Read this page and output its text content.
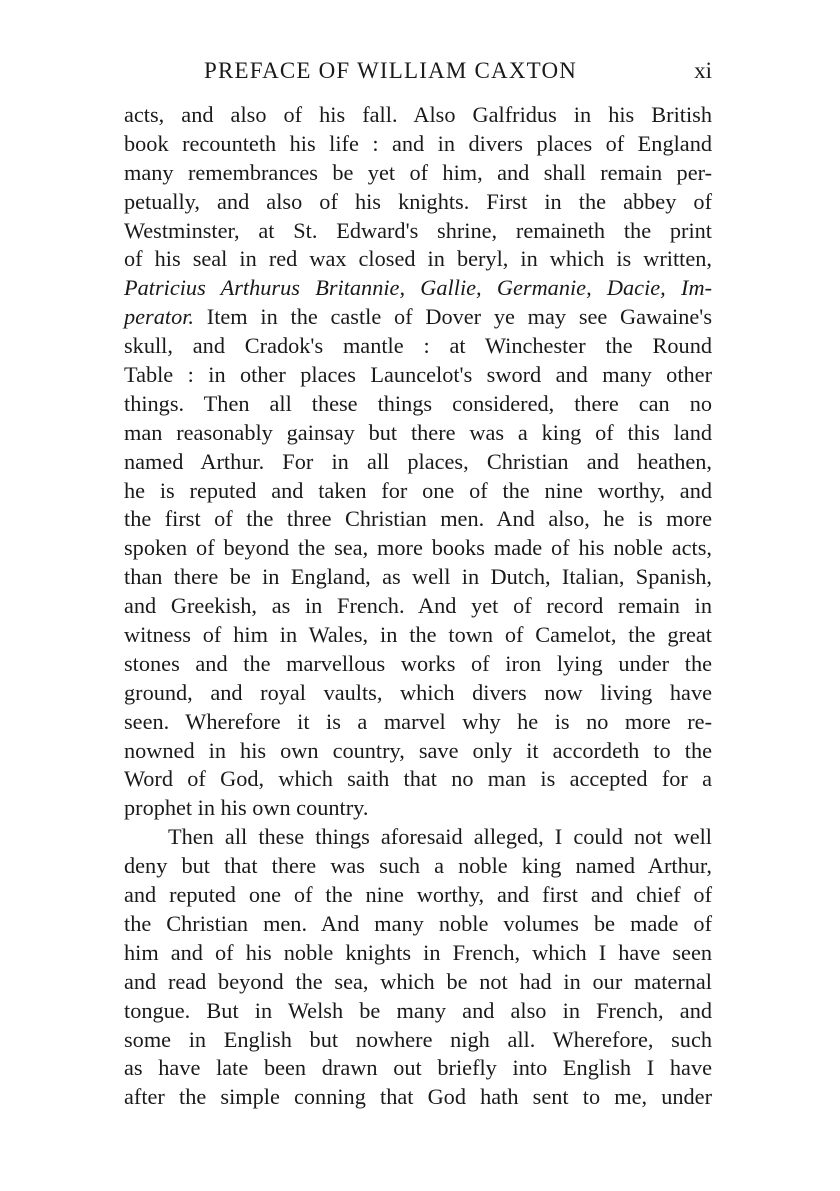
PREFACE OF WILLIAM CAXTON	xi
acts, and also of his fall. Also Galfridus in his British
book recounteth his life : and in divers places of England
many remembrances be yet of him, and shall remain per-
petually, and also of his knights. First in the abbey of
Westminster, at St. Edward's shrine, remaineth the print
of his seal in red wax closed in beryl, in which is written,
Patricius Arthurus Britannie, Gallie, Germanie, Dacie, Im-
perator. Item in the castle of Dover ye may see Gawaine's
skull, and Cradok's mantle : at Winchester the Round
Table : in other places Launcelot's sword and many other
things. Then all these things considered, there can no
man reasonably gainsay but there was a king of this land
named Arthur. For in all places, Christian and heathen,
he is reputed and taken for one of the nine worthy, and
the first of the three Christian men. And also, he is more
spoken of beyond the sea, more books made of his noble acts,
than there be in England, as well in Dutch, Italian, Spanish,
and Greekish, as in French. And yet of record remain in
witness of him in Wales, in the town of Camelot, the great
stones and the marvellous works of iron lying under the
ground, and royal vaults, which divers now living have
seen. Wherefore it is a marvel why he is no more re-
nowned in his own country, save only it accordeth to the
Word of God, which saith that no man is accepted for a
prophet in his own country.
Then all these things aforesaid alleged, I could not well
deny but that there was such a noble king named Arthur,
and reputed one of the nine worthy, and first and chief of
the Christian men. And many noble volumes be made of
him and of his noble knights in French, which I have seen
and read beyond the sea, which be not had in our maternal
tongue. But in Welsh be many and also in French, and
some in English but nowhere nigh all. Wherefore, such
as have late been drawn out briefly into English I have
after the simple conning that God hath sent to me, under
